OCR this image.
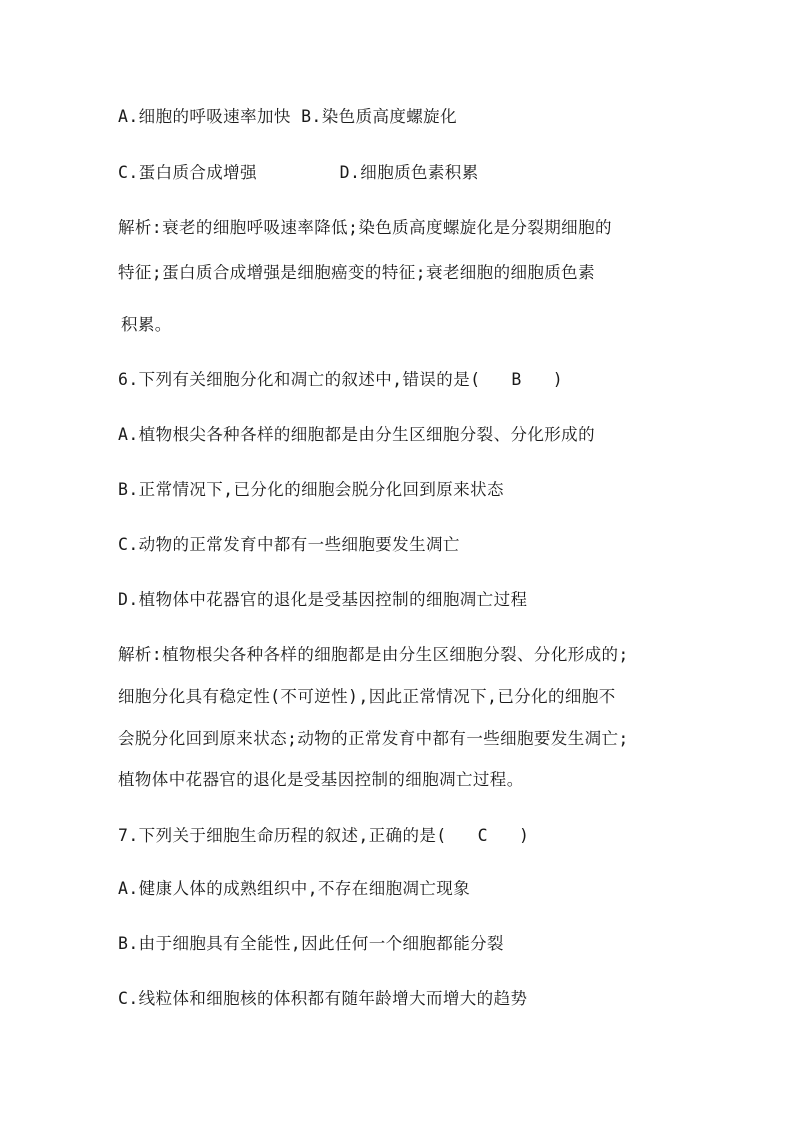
A.细胞的呼吸速率加快 B.染色质高度螺旋化

C.蛋白质合成增强        D.细胞质色素积累

解析:衰老的细胞呼吸速率降低;染色质高度螺旋化是分裂期细胞的

特征;蛋白质合成增强是细胞癌变的特征;衰老细胞的细胞质色素

积累。

6.下列有关细胞分化和凋亡的叙述中,错误的是(   B   )

A.植物根尖各种各样的细胞都是由分生区细胞分裂、分化形成的

B.正常情况下,已分化的细胞会脱分化回到原来状态

C.动物的正常发育中都有一些细胞要发生凋亡

D.植物体中花器官的退化是受基因控制的细胞凋亡过程

解析:植物根尖各种各样的细胞都是由分生区细胞分裂、分化形成的;

细胞分化具有稳定性(不可逆性),因此正常情况下,已分化的细胞不

会脱分化回到原来状态;动物的正常发育中都有一些细胞要发生凋亡;

植物体中花器官的退化是受基因控制的细胞凋亡过程。

7.下列关于细胞生命历程的叙述,正确的是(   C   )

A.健康人体的成熟组织中,不存在细胞凋亡现象

B.由于细胞具有全能性,因此任何一个细胞都能分裂

C.线粒体和细胞核的体积都有随年龄增大而增大的趋势
